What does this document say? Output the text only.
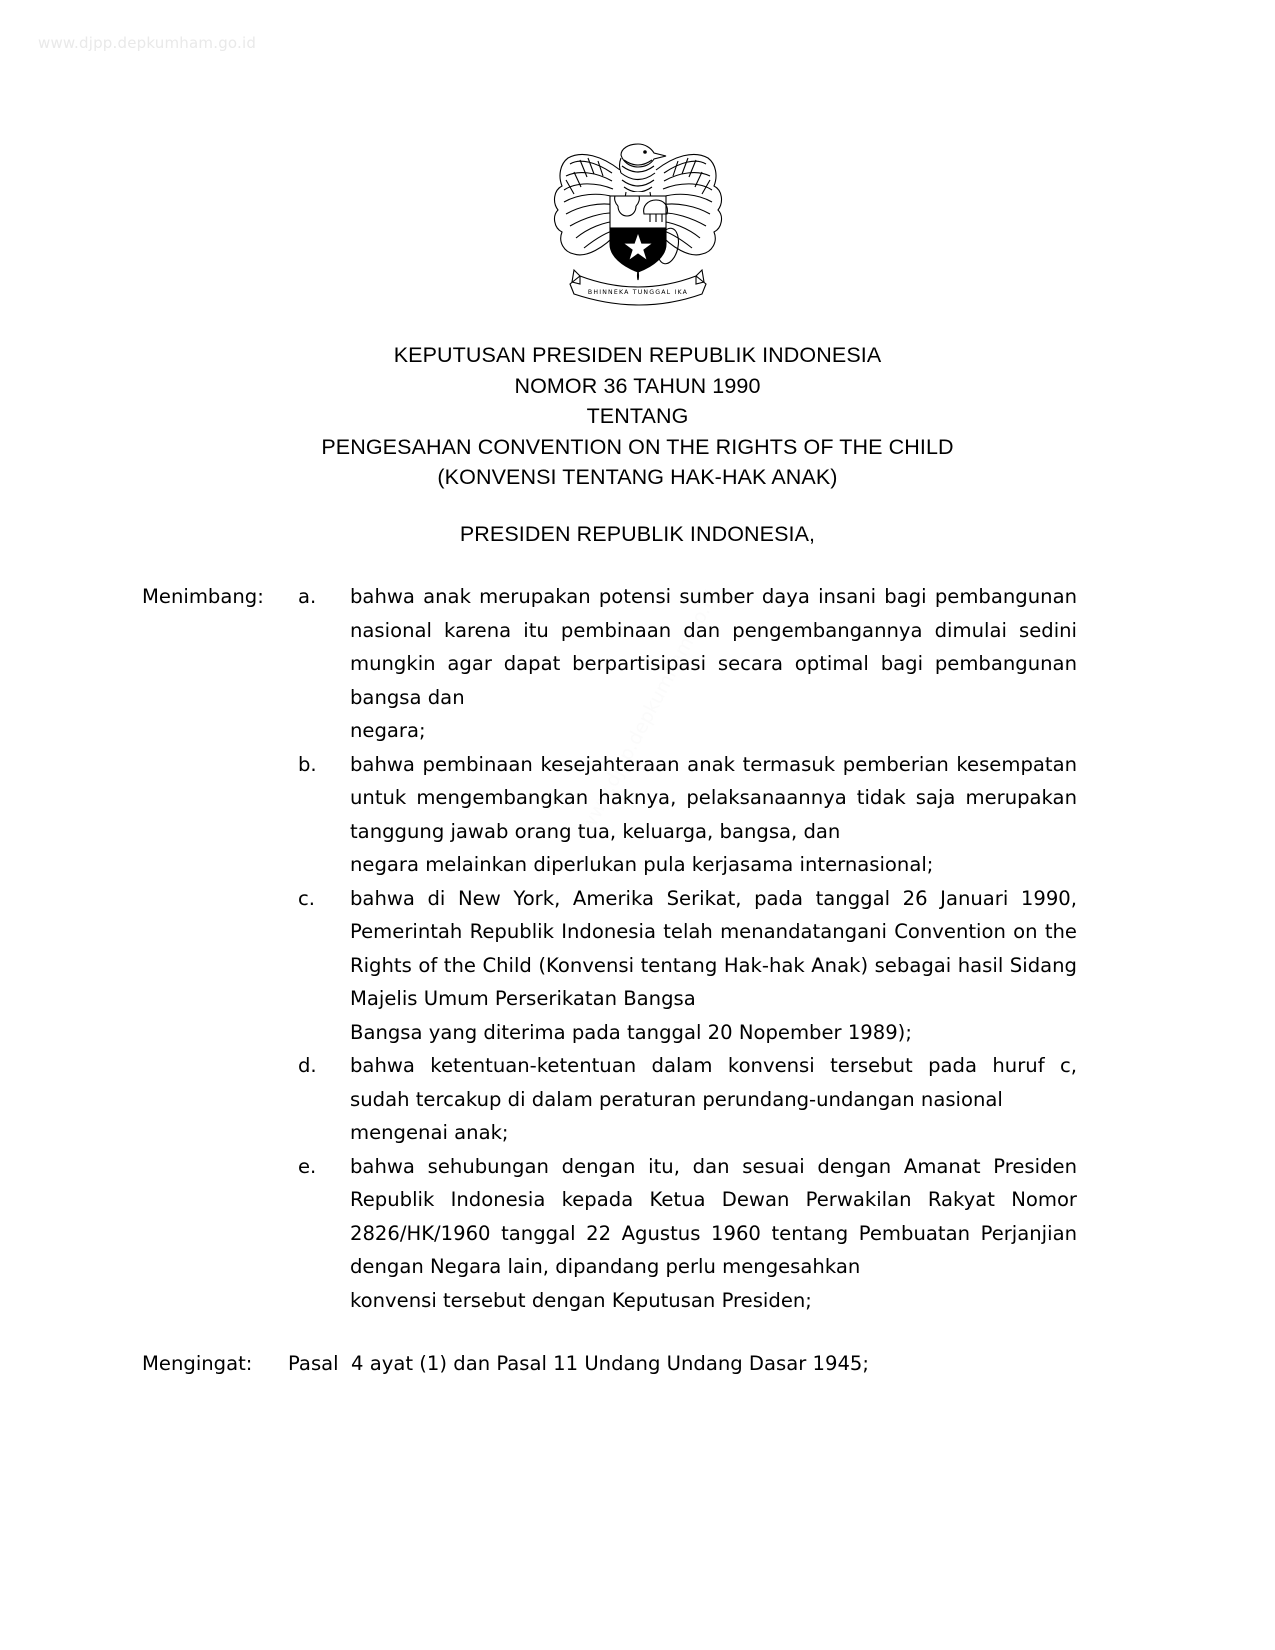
www.djpp.depkumham.go.id
www.djpp.depkumham.go.id
BHINNEKA TUNGGAL IKA
KEPUTUSAN PRESIDEN REPUBLIK INDONESIA
NOMOR 36 TAHUN 1990
TENTANG
PENGESAHAN CONVENTION ON THE RIGHTS OF THE CHILD
(KONVENSI TENTANG HAK-HAK ANAK)
PRESIDEN REPUBLIK INDONESIA,
Menimbang:	a.	bahwa anak merupakan potensi sumber daya insani bagi pembangunan nasional karena itu pembinaan dan pengembangannya dimulai sedini mungkin agar dapat berpartisipasi secara optimal bagi pembangunan bangsa dan

negara;

b.	bahwa pembinaan kesejahteraan anak termasuk pemberian kesempatan untuk mengembangkan haknya, pelaksanaannya tidak saja merupakan tanggung jawab orang tua, keluarga, bangsa, dan

negara melainkan diperlukan pula kerjasama internasional;

c.	bahwa di New York, Amerika Serikat, pada tanggal 26 Januari 1990, Pemerintah Republik Indonesia telah menandatangani Convention on the Rights of the Child (Konvensi tentang Hak-hak Anak) sebagai hasil Sidang Majelis Umum Perserikatan Bangsa

Bangsa yang diterima pada tanggal 20 Nopember 1989);

d.	bahwa ketentuan-ketentuan dalam konvensi tersebut pada huruf c, sudah tercakup di dalam peraturan perundang-undangan nasional

mengenai anak;

e.	bahwa sehubungan dengan itu, dan sesuai dengan Amanat Presiden Republik Indonesia kepada Ketua Dewan Perwakilan Rakyat Nomor 2826/HK/1960 tanggal 22 Agustus 1960 tentang Pembuatan Perjanjian dengan Negara lain, dipandang perlu mengesahkan

konvensi tersebut dengan Keputusan Presiden;

Mengingat:	Pasal  4 ayat (1) dan Pasal 11 Undang Undang Dasar 1945;
